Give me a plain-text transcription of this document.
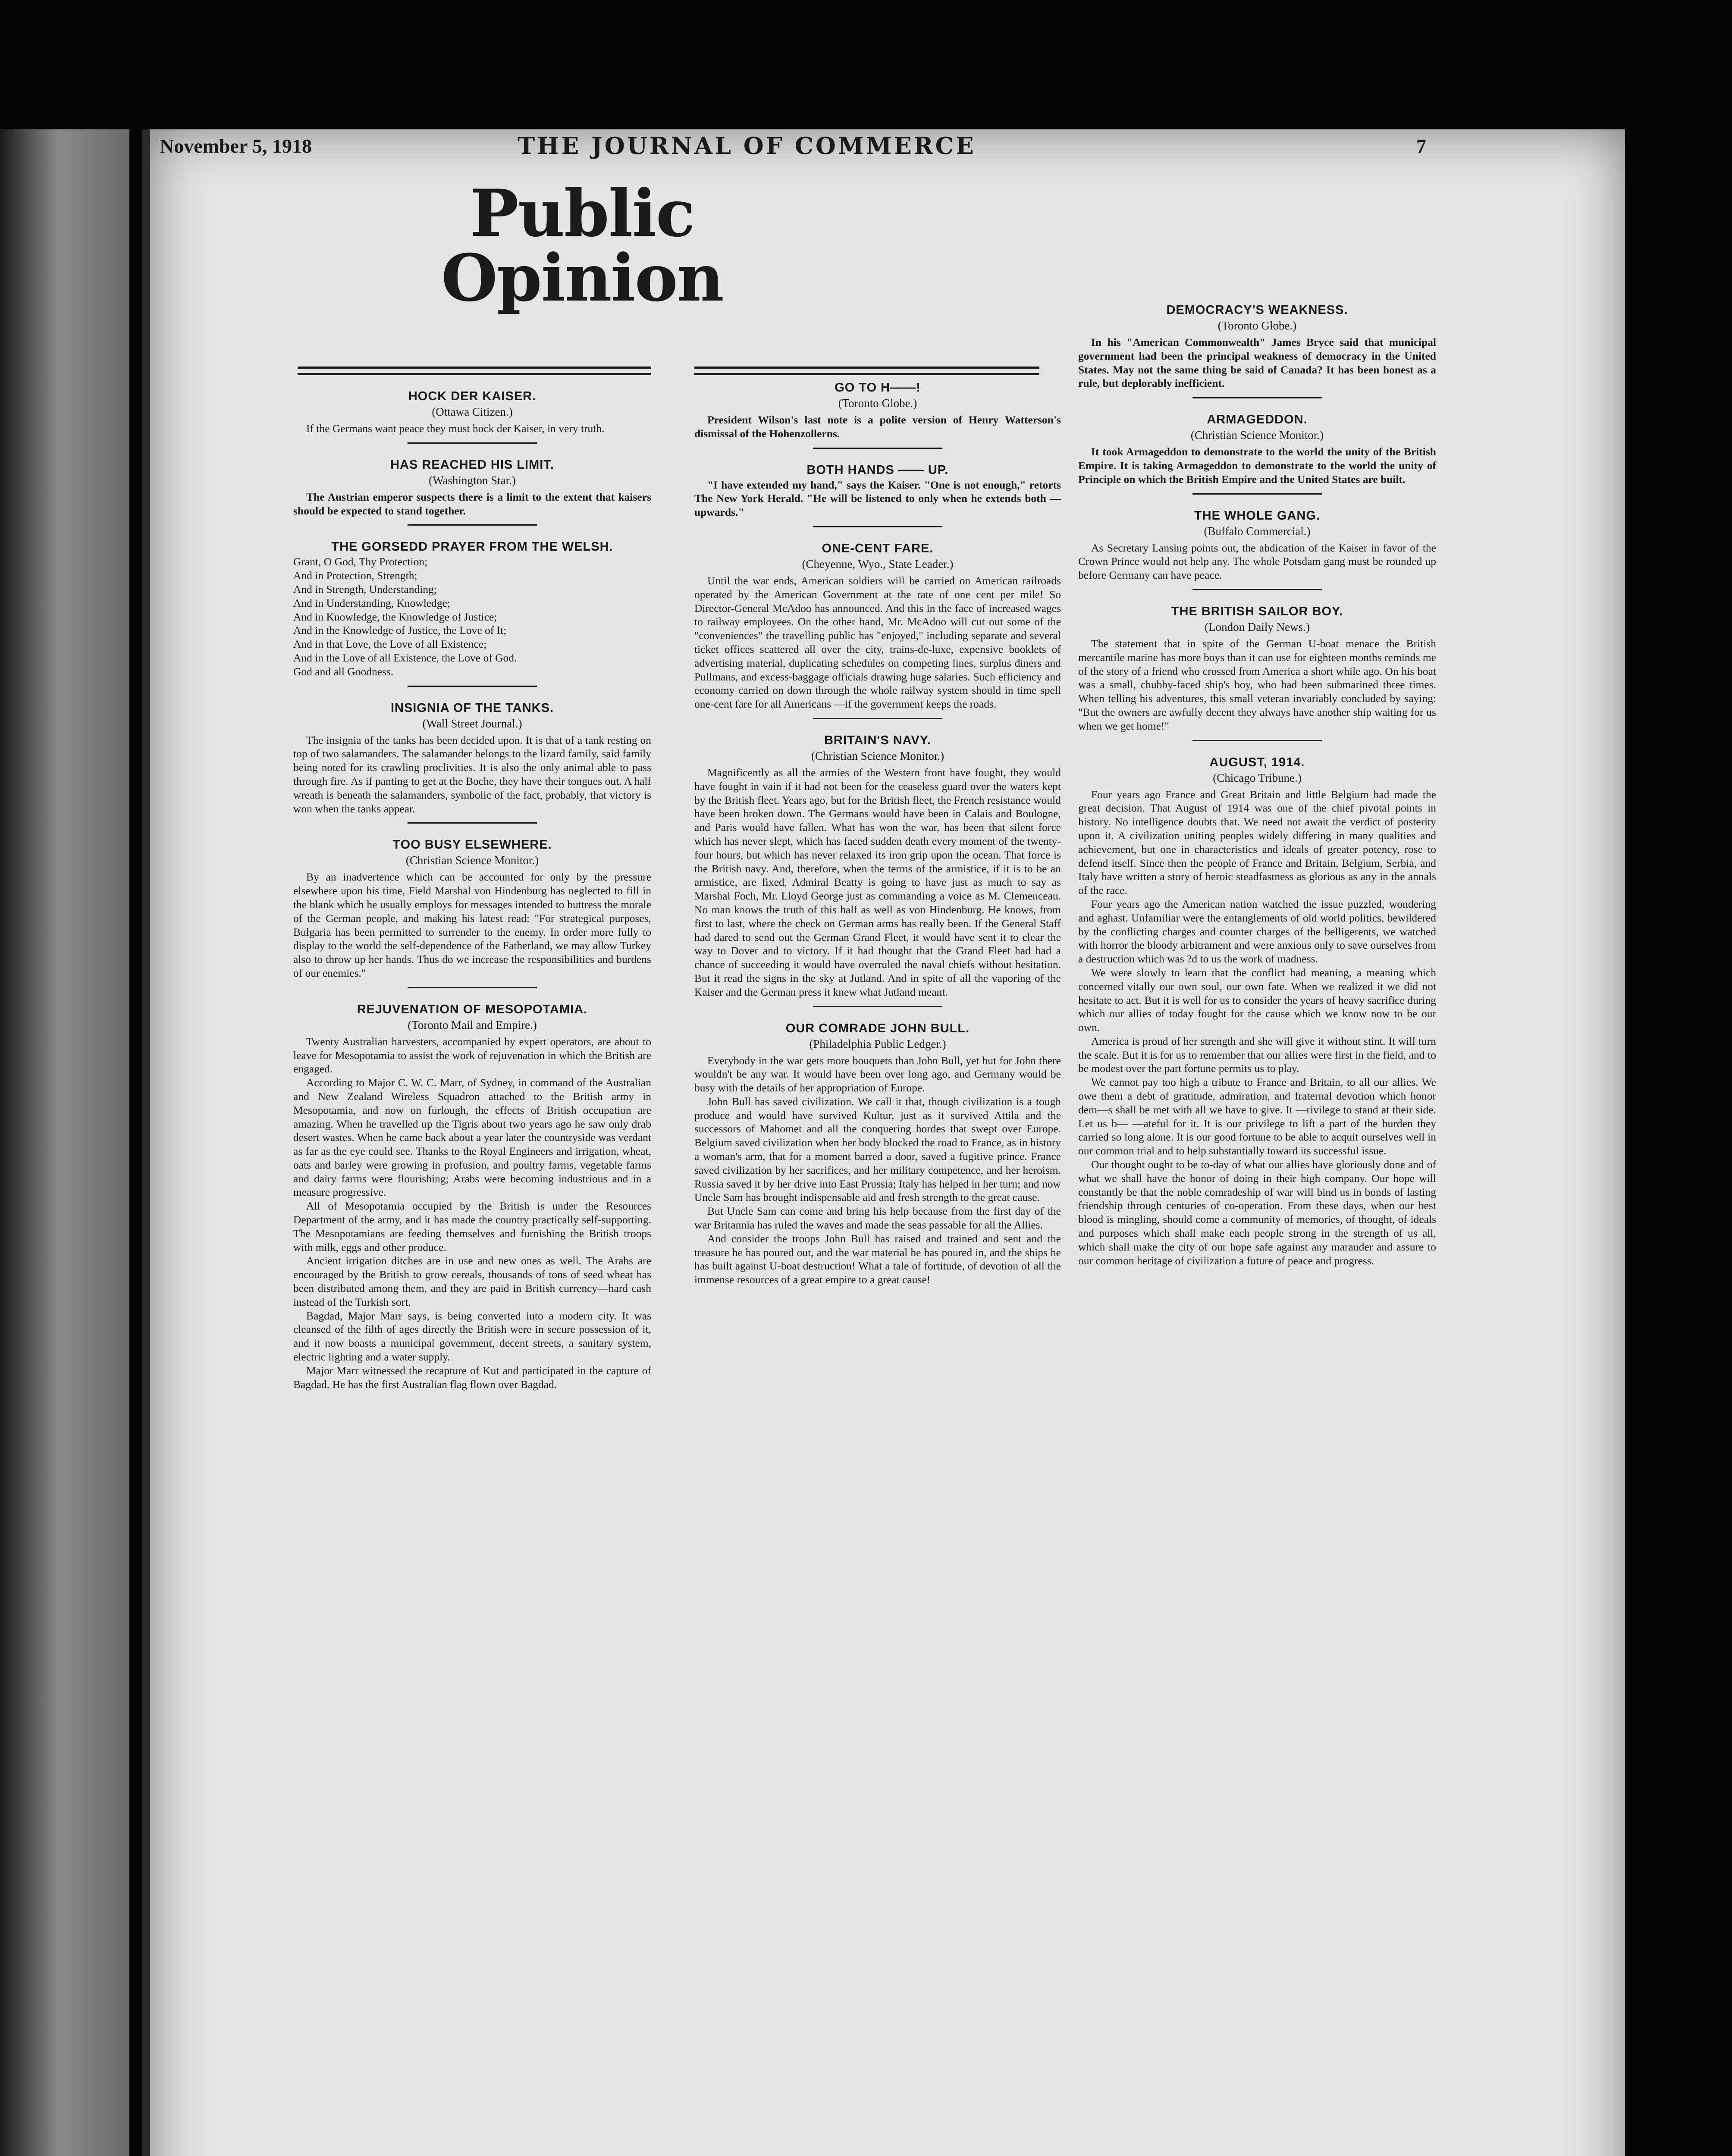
November 5, 1918	THE JOURNAL OF COMMERCE	7
Public Opinion
HOCK DER KAISER.
(Ottawa Citizen.)

If the Germans want peace they must hock der Kaiser, in very truth.

HAS REACHED HIS LIMIT.
(Washington Star.)

The Austrian emperor suspects there is a limit to the extent that kaisers should be expected to stand together.

THE GORSEDD PRAYER FROM THE WELSH.
Grant, O God, Thy Protection;
And in Protection, Strength;
And in Strength, Understanding;
And in Understanding, Knowledge;
And in Knowledge, the Knowledge of Justice;
And in the Knowledge of Justice, the Love of It;
And in that Love, the Love of all Existence;
And in the Love of all Existence, the Love of God.
God and all Goodness.
INSIGNIA OF THE TANKS.
(Wall Street Journal.)

The insignia of the tanks has been decided upon. It is that of a tank resting on top of two salamanders. The salamander belongs to the lizard family, said family being noted for its crawling proclivities. It is also the only animal able to pass through fire. As if panting to get at the Boche, they have their tongues out. A half wreath is beneath the salamanders, symbolic of the fact, probably, that victory is won when the tanks appear.

TOO BUSY ELSEWHERE.
(Christian Science Monitor.)

By an inadvertence which can be accounted for only by the pressure elsewhere upon his time, Field Marshal von Hindenburg has neglected to fill in the blank which he usually employs for messages intended to buttress the morale of the German people, and making his latest read: "For strategical purposes, Bulgaria has been permitted to surrender to the enemy. In order more fully to display to the world the self-dependence of the Fatherland, we may allow Turkey also to throw up her hands. Thus do we increase the responsibilities and burdens of our enemies."

REJUVENATION OF MESOPOTAMIA.
(Toronto Mail and Empire.)

Twenty Australian harvesters, accompanied by expert operators, are about to leave for Mesopotamia to assist the work of rejuvenation in which the British are engaged.

According to Major C. W. C. Marr, of Sydney, in command of the Australian and New Zealand Wireless Squadron attached to the British army in Mesopotamia, and now on furlough, the effects of British occupation are amazing. When he travelled up the Tigris about two years ago he saw only drab desert wastes. When he came back about a year later the countryside was verdant as far as the eye could see. Thanks to the Royal Engineers and irrigation, wheat, oats and barley were growing in profusion, and poultry farms, vegetable farms and dairy farms were flourishing; Arabs were becoming industrious and in a measure progressive.

All of Mesopotamia occupied by the British is under the Resources Department of the army, and it has made the country practically self-supporting. The Mesopotamians are feeding themselves and furnishing the British troops with milk, eggs and other produce.

Ancient irrigation ditches are in use and new ones as well. The Arabs are encouraged by the British to grow cereals, thousands of tons of seed wheat has been distributed among them, and they are paid in British currency—hard cash instead of the Turkish sort.

Bagdad, Major Marr says, is being converted into a modern city. It was cleansed of the filth of ages directly the British were in secure possession of it, and it now boasts a municipal government, decent streets, a sanitary system, electric lighting and a water supply.

Major Marr witnessed the recapture of Kut and participated in the capture of Bagdad. He has the first Australian flag flown over Bagdad.

GO TO H——!
(Toronto Globe.)

President Wilson's last note is a polite version of Henry Watterson's dismissal of the Hohenzollerns.

BOTH HANDS —— UP.

"I have extended my hand," says the Kaiser. "One is not enough," retorts The New York Herald. "He will be listened to only when he extends both —upwards."

ONE-CENT FARE.
(Cheyenne, Wyo., State Leader.)

Until the war ends, American soldiers will be carried on American railroads operated by the American Government at the rate of one cent per mile! So Director-General McAdoo has announced. And this in the face of increased wages to railway employees. On the other hand, Mr. McAdoo will cut out some of the "conveniences" the travelling public has "enjoyed," including separate and several ticket offices scattered all over the city, trains-de-luxe, expensive booklets of advertising material, duplicating schedules on competing lines, surplus diners and Pullmans, and excess-baggage officials drawing huge salaries. Such efficiency and economy carried on down through the whole railway system should in time spell one-cent fare for all Americans —if the government keeps the roads.

BRITAIN'S NAVY.
(Christian Science Monitor.)

Magnificently as all the armies of the Western front have fought, they would have fought in vain if it had not been for the ceaseless guard over the waters kept by the British fleet. Years ago, but for the British fleet, the French resistance would have been broken down. The Germans would have been in Calais and Boulogne, and Paris would have fallen. What has won the war, has been that silent force which has never slept, which has faced sudden death every moment of the twenty-four hours, but which has never relaxed its iron grip upon the ocean. That force is the British navy. And, therefore, when the terms of the armistice, if it is to be an armistice, are fixed, Admiral Beatty is going to have just as much to say as Marshal Foch, Mr. Lloyd George just as commanding a voice as M. Clemenceau. No man knows the truth of this half as well as von Hindenburg. He knows, from first to last, where the check on German arms has really been. If the General Staff had dared to send out the German Grand Fleet, it would have sent it to clear the way to Dover and to victory. If it had thought that the Grand Fleet had had a chance of succeeding it would have overruled the naval chiefs without hesitation. But it read the signs in the sky at Jutland. And in spite of all the vaporing of the Kaiser and the German press it knew what Jutland meant.

OUR COMRADE JOHN BULL.
(Philadelphia Public Ledger.)

Everybody in the war gets more bouquets than John Bull, yet but for John there wouldn't be any war. It would have been over long ago, and Germany would be busy with the details of her appropriation of Europe.

John Bull has saved civilization. We call it that, though civilization is a tough produce and would have survived Kultur, just as it survived Attila and the successors of Mahomet and all the conquering hordes that swept over Europe. Belgium saved civilization when her body blocked the road to France, as in history a woman's arm, that for a moment barred a door, saved a fugitive prince. France saved civilization by her sacrifices, and her military competence, and her heroism. Russia saved it by her drive into East Prussia; Italy has helped in her turn; and now Uncle Sam has brought indispensable aid and fresh strength to the great cause.

But Uncle Sam can come and bring his help because from the first day of the war Britannia has ruled the waves and made the seas passable for all the Allies.

And consider the troops John Bull has raised and trained and sent and the treasure he has poured out, and the war material he has poured in, and the ships he has built against U-boat destruction! What a tale of fortitude, of devotion of all the immense resources of a great empire to a great cause!

DEMOCRACY'S WEAKNESS.
(Toronto Globe.)

In his "American Commonwealth" James Bryce said that municipal government had been the principal weakness of democracy in the United States. May not the same thing be said of Canada? It has been honest as a rule, but deplorably inefficient.

ARMAGEDDON.
(Christian Science Monitor.)

It took Armageddon to demonstrate to the world the unity of the British Empire. It is taking Armageddon to demonstrate to the world the unity of Principle on which the British Empire and the United States are built.

THE WHOLE GANG.
(Buffalo Commercial.)

As Secretary Lansing points out, the abdication of the Kaiser in favor of the Crown Prince would not help any. The whole Potsdam gang must be rounded up before Germany can have peace.

THE BRITISH SAILOR BOY.
(London Daily News.)

The statement that in spite of the German U-boat menace the British mercantile marine has more boys than it can use for eighteen months reminds me of the story of a friend who crossed from America a short while ago. On his boat was a small, chubby-faced ship's boy, who had been submarined three times. When telling his adventures, this small veteran invariably concluded by saying: "But the owners are awfully decent they always have another ship waiting for us when we get home!"

AUGUST, 1914.
(Chicago Tribune.)

Four years ago France and Great Britain and little Belgium had made the great decision. That August of 1914 was one of the chief pivotal points in history. No intelligence doubts that. We need not await the verdict of posterity upon it. A civilization uniting peoples widely differing in many qualities and achievement, but one in characteristics and ideals of greater potency, rose to defend itself. Since then the people of France and Britain, Belgium, Serbia, and Italy have written a story of heroic steadfastness as glorious as any in the annals of the race.

Four years ago the American nation watched the issue puzzled, wondering and aghast. Unfamiliar were the entanglements of old world politics, bewildered by the conflicting charges and counter charges of the belligerents, we watched with horror the bloody arbitrament and were anxious only to save ourselves from a destruction which was ?d to us the work of madness.

We were slowly to learn that the conflict had meaning, a meaning which concerned vitally our own soul, our own fate. When we realized it we did not hesitate to act. But it is well for us to consider the years of heavy sacrifice during which our allies of today fought for the cause which we know now to be our own.

America is proud of her strength and she will give it without stint. It will turn the scale. But it is for us to remember that our allies were first in the field, and to be modest over the part fortune permits us to play.

We cannot pay too high a tribute to France and Britain, to all our allies. We owe them a debt of gratitude, admiration, and fraternal devotion which honor dem—s shall be met with all we have to give. It —rivilege to stand at their side. Let us b— —ateful for it. It is our privilege to lift a part of the burden they carried so long alone. It is our good fortune to be able to acquit ourselves well in our common trial and to help substantially toward its successful issue.

Our thought ought to be to-day of what our allies have gloriously done and of what we shall have the honor of doing in their high company. Our hope will constantly be that the noble comradeship of war will bind us in bonds of lasting friendship through centuries of co-operation. From these days, when our best blood is mingling, should come a community of memories, of thought, of ideals and purposes which shall make each people strong in the strength of us all, which shall make the city of our hope safe against any marauder and assure to our common heritage of civilization a future of peace and progress.
